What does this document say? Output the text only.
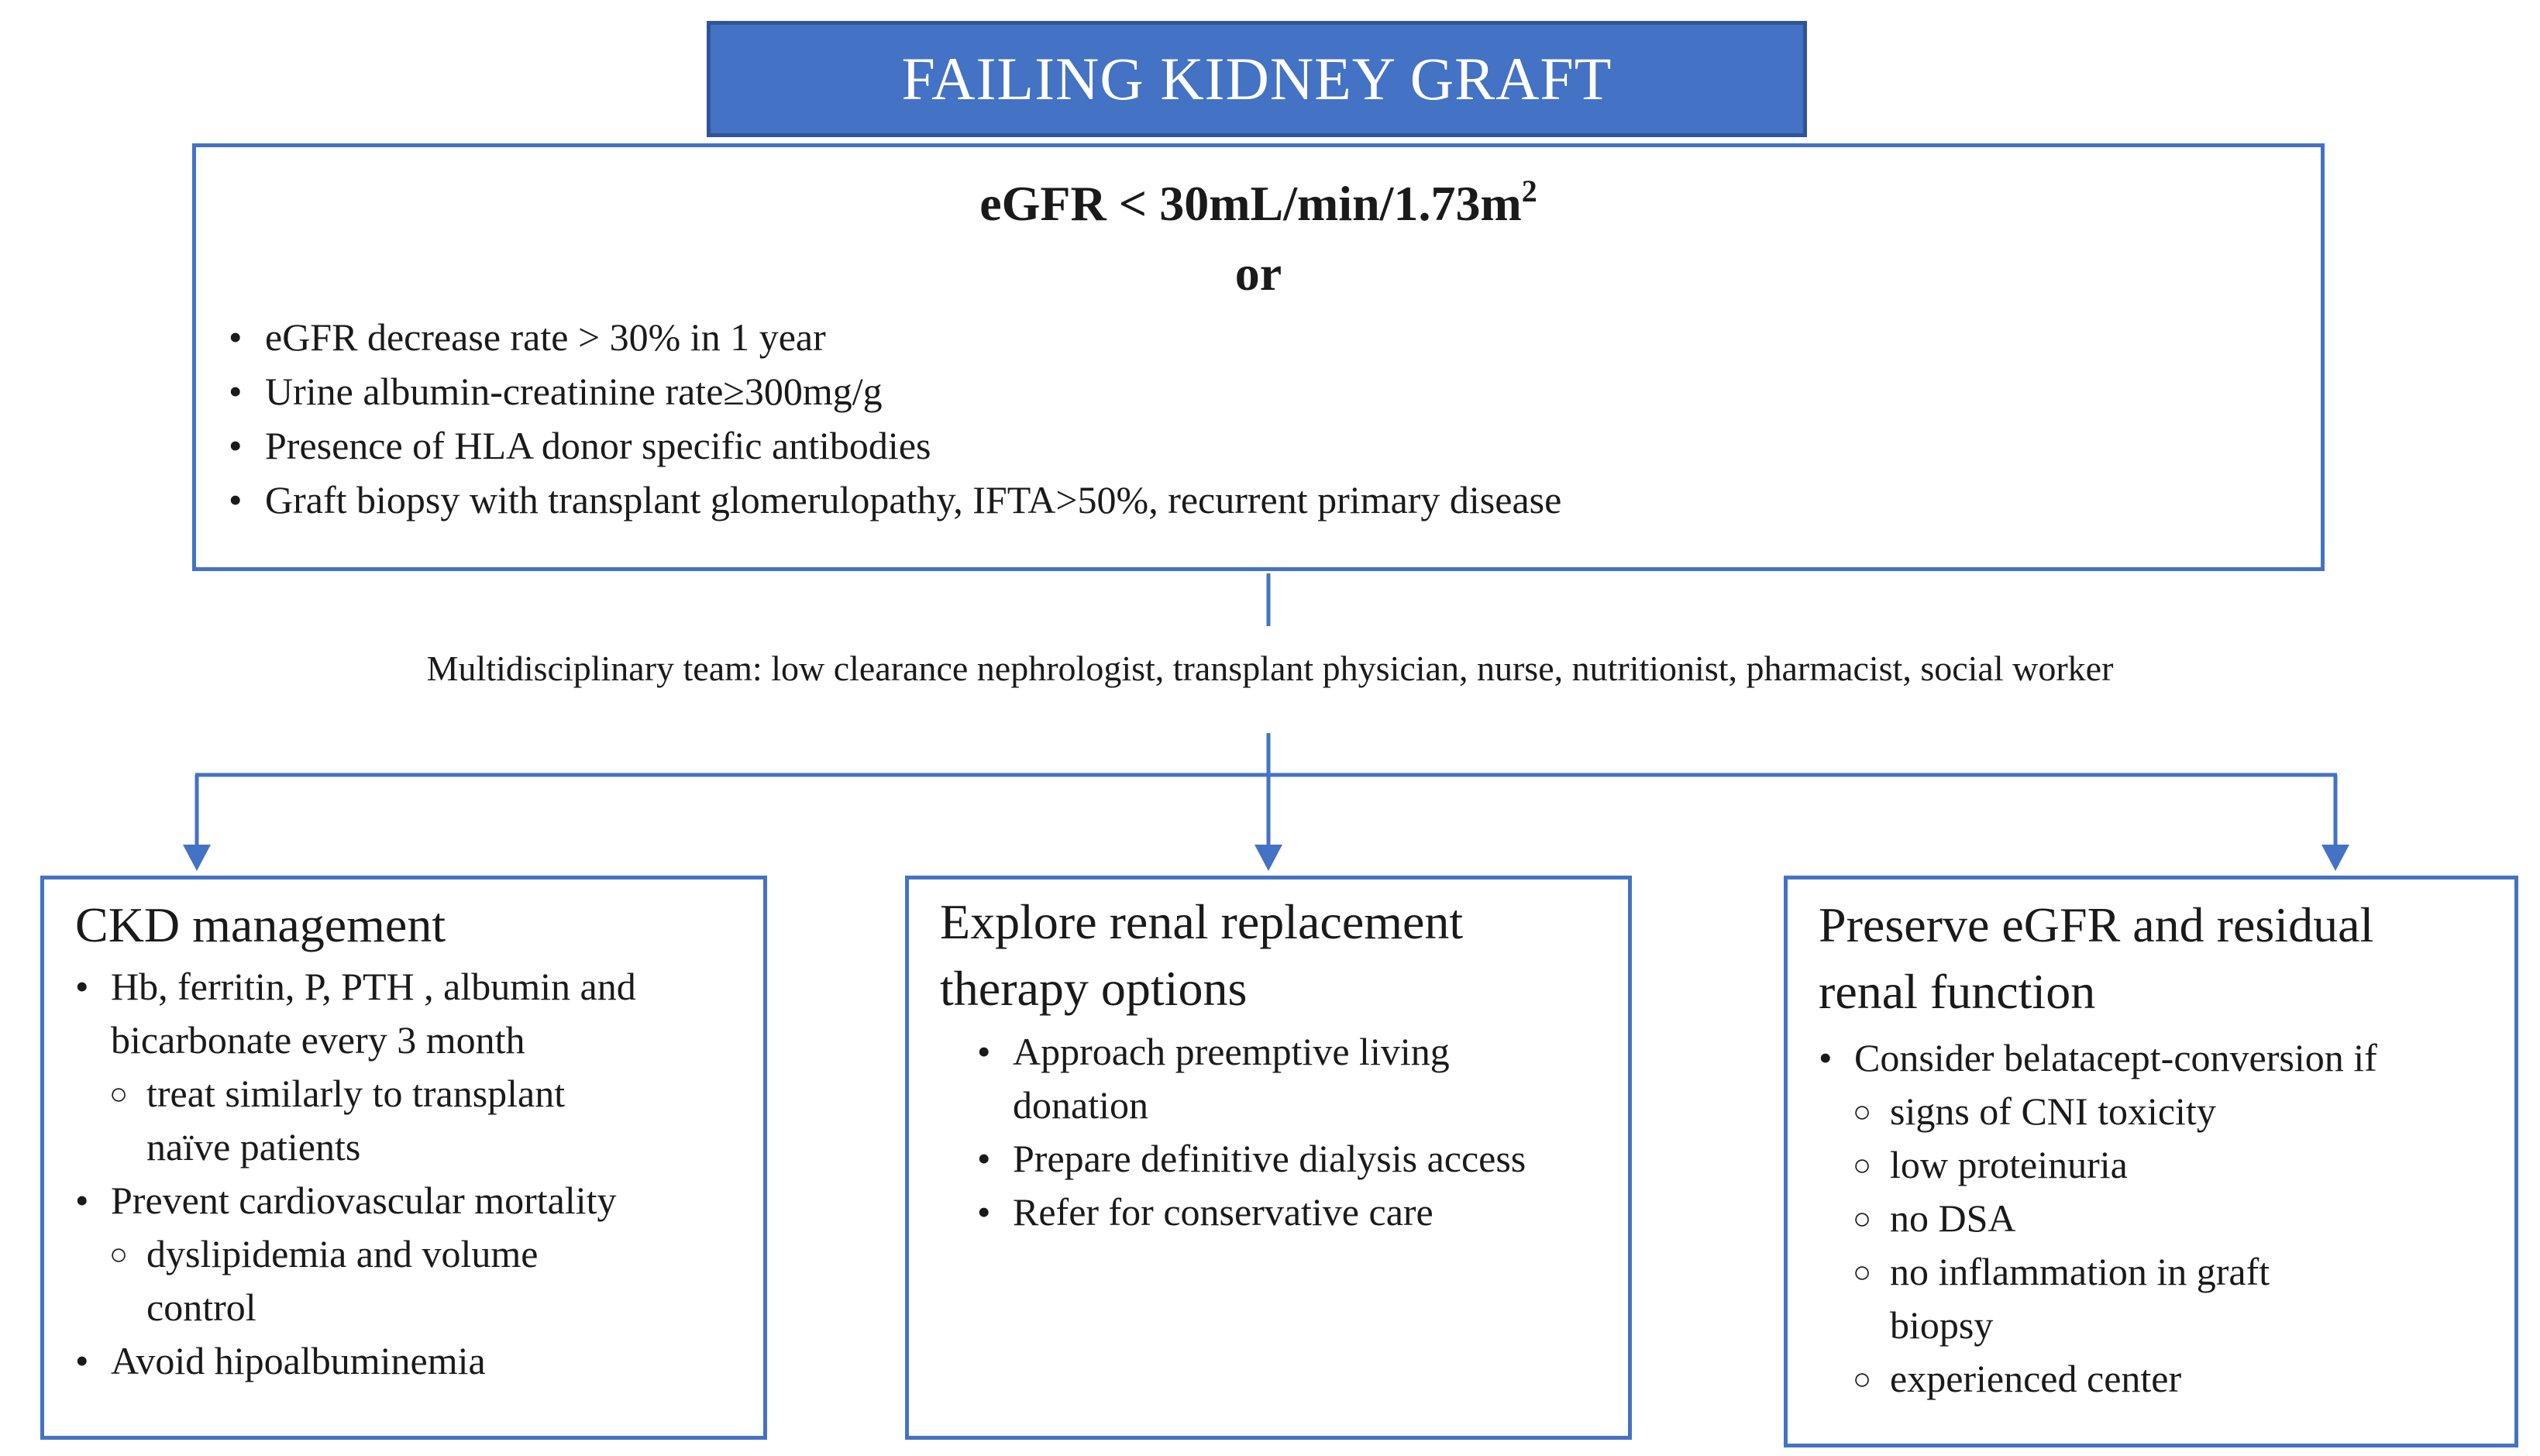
FAILING KIDNEY GRAFT
eGFR < $30mL/\min/1.73m^2$
or
• eGFR decrease rate > 30% in 1 year
• Urine albumin-creatinine rate≥300mg/g
• Presence of HLA donor specific antibodies
• Graft biopsy with transplant glomerulopathy, IFTA>50%, recurrent primary disease
Multidisciplinary team: low clearance nephrologist, transplant physician, nurse, nutritionist, pharmacist, social worker
CKD management
• Hb, ferritin, P, PTH , albumin and
bicarbonate every 3 month
○ treat similarly to transplant
naïve patients
• Prevent cardiovascular mortality
○ dyslipidemia and volume
control
• Avoid hipoalbuminemia
Explore renal replacement
therapy options
• Approach preemptive living
donation
• Prepare definitive dialysis access
• Refer for conservative care
Preserve eGFR and residual
renal function
• Consider belatacept-conversion if
○ signs of CNI toxicity
○ low proteinuria
○ no DSA
○ no inflammation in graft
biopsy
○ experienced center
